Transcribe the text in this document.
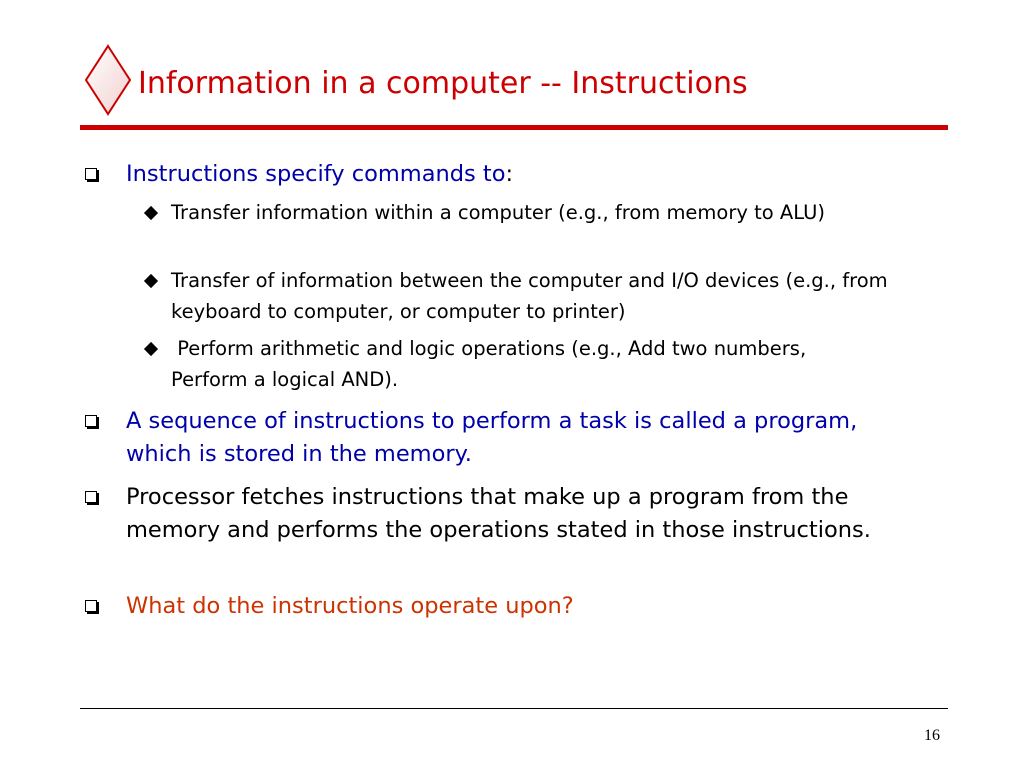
Information in a computer -- Instructions
Instructions specify commands to:
Transfer information within a computer (e.g., from memory to ALU)
Transfer of information between the computer and I/O devices (e.g., from keyboard to computer, or computer to printer)
Perform arithmetic and logic operations (e.g., Add two numbers, Perform a logical AND).
A sequence of instructions to perform a task is called a program, which is stored in the memory.
Processor fetches instructions that make up a program from the memory and performs the operations stated in those instructions.
What do the instructions operate upon?
16
